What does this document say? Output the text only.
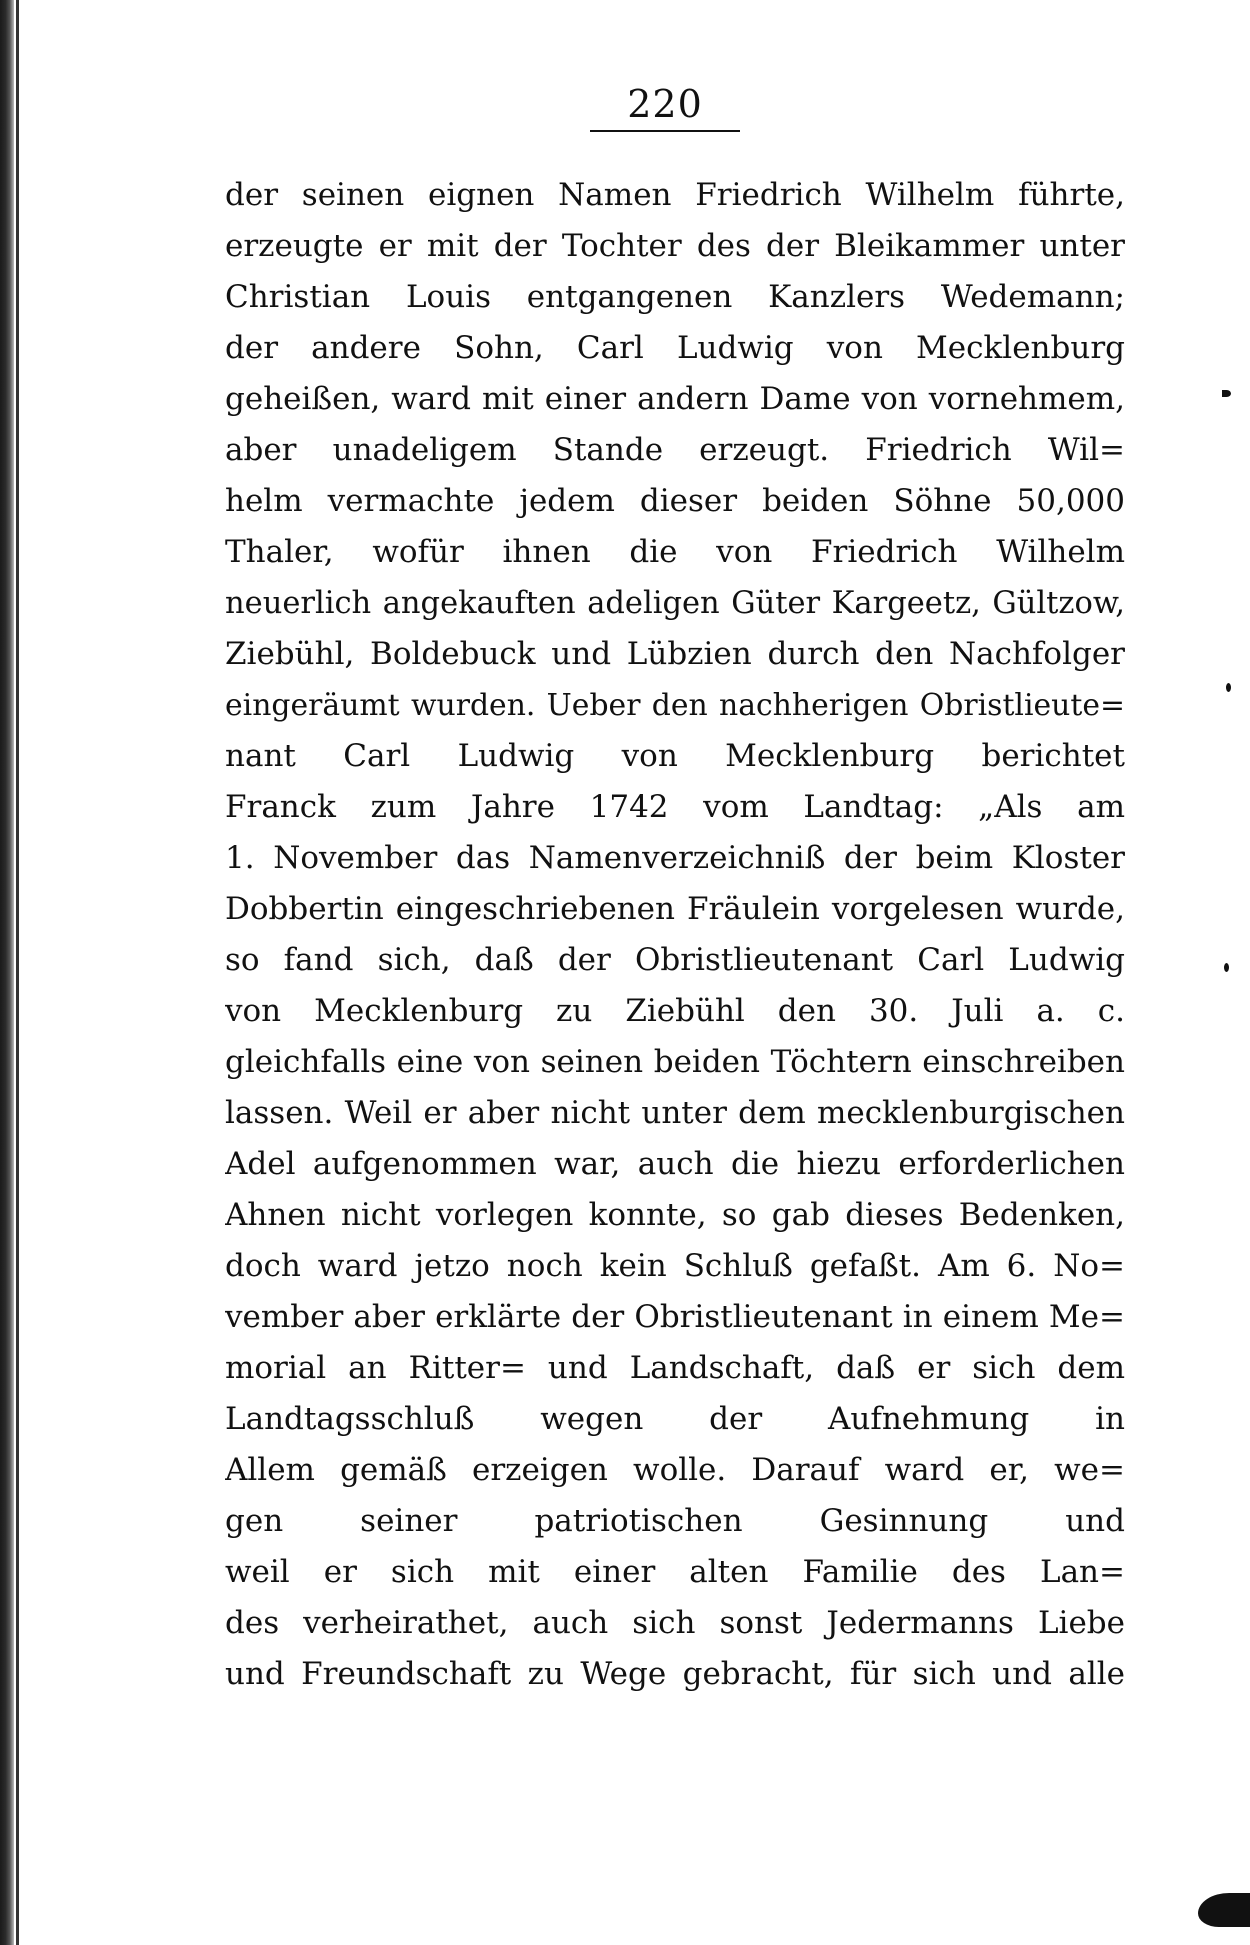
220
der seinen eignen Namen Friedrich Wilhelm führte,
erzeugte er mit der Tochter des der Bleikammer unter
Christian Louis entgangenen Kanzlers Wedemann;
der andere Sohn, Carl Ludwig von Mecklenburg
geheißen, ward mit einer andern Dame von vornehmem,
aber unadeligem Stande erzeugt. Friedrich Wil=
helm vermachte jedem dieser beiden Söhne 50,000
Thaler, wofür ihnen die von Friedrich Wilhelm
neuerlich angekauften adeligen Güter Kargeetz, Gültzow,
Ziebühl, Boldebuck und Lübzien durch den Nachfolger
eingeräumt wurden. Ueber den nachherigen Obristlieute=
nant Carl Ludwig von Mecklenburg berichtet
Franck zum Jahre 1742 vom Landtag: „Als am
1. November das Namenverzeichniß der beim Kloster
Dobbertin eingeschriebenen Fräulein vorgelesen wurde,
so fand sich, daß der Obristlieutenant Carl Ludwig
von Mecklenburg zu Ziebühl den 30. Juli a. c.
gleichfalls eine von seinen beiden Töchtern einschreiben
lassen. Weil er aber nicht unter dem mecklenburgischen
Adel aufgenommen war, auch die hiezu erforderlichen
Ahnen nicht vorlegen konnte, so gab dieses Bedenken,
doch ward jetzo noch kein Schluß gefaßt. Am 6. No=
vember aber erklärte der Obristlieutenant in einem Me=
morial an Ritter= und Landschaft, daß er sich dem
Landtagsschluß wegen der Aufnehmung in
Allem gemäß erzeigen wolle. Darauf ward er, we=
gen seiner patriotischen Gesinnung und
weil er sich mit einer alten Familie des Lan=
des verheirathet, auch sich sonst Jedermanns Liebe
und Freundschaft zu Wege gebracht, für sich und alle
